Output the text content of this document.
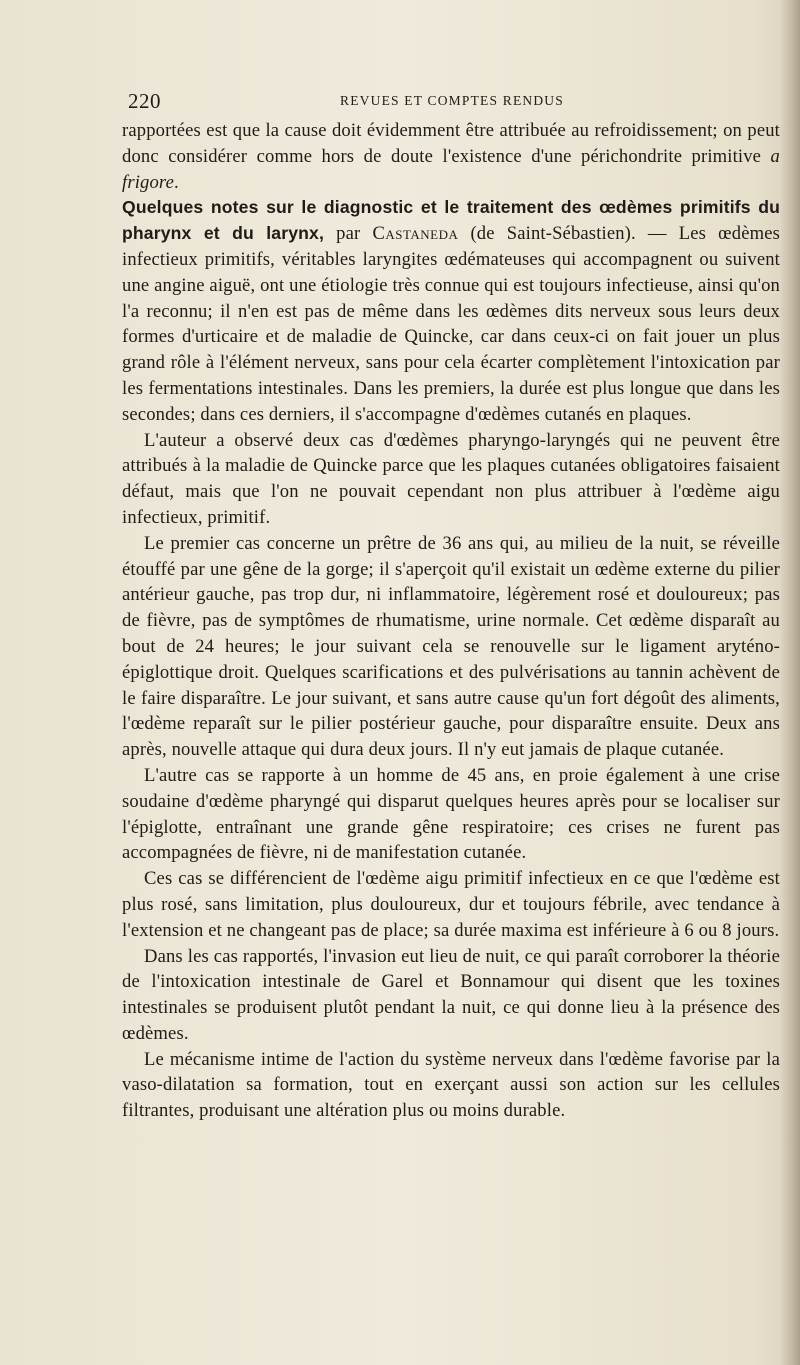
220	REVUES ET COMPTES RENDUS

rapportées est que la cause doit évidemment être attribuée au refroidissement; on peut donc considérer comme hors de doute l'existence d'une périchondrite primitive a frigore.

Quelques notes sur le diagnostic et le traitement des œdèmes primitifs du pharynx et du larynx, par Castaneda (de Saint-Sébastien). — Les œdèmes infectieux primitifs, véritables laryngites œdémateuses qui accompagnent ou suivent une angine aiguë, ont une étiologie très connue qui est toujours infectieuse, ainsi qu'on l'a reconnu; il n'en est pas de même dans les œdèmes dits nerveux sous leurs deux formes d'urticaire et de maladie de Quincke, car dans ceux-ci on fait jouer un plus grand rôle à l'élément nerveux, sans pour cela écarter complètement l'intoxication par les fermentations intestinales. Dans les premiers, la durée est plus longue que dans les secondes; dans ces derniers, il s'accompagne d'œdèmes cutanés en plaques.

L'auteur a observé deux cas d'œdèmes pharyngo-laryngés qui ne peuvent être attribués à la maladie de Quincke parce que les plaques cutanées obligatoires faisaient défaut, mais que l'on ne pouvait cependant non plus attribuer à l'œdème aigu infectieux, primitif.

Le premier cas concerne un prêtre de 36 ans qui, au milieu de la nuit, se réveille étouffé par une gêne de la gorge; il s'aperçoit qu'il existait un œdème externe du pilier antérieur gauche, pas trop dur, ni inflammatoire, légèrement rosé et douloureux; pas de fièvre, pas de symptômes de rhumatisme, urine normale. Cet œdème disparaît au bout de 24 heures; le jour suivant cela se renouvelle sur le ligament aryténo-épiglottique droit. Quelques scarifications et des pulvérisations au tannin achèvent de le faire disparaître. Le jour suivant, et sans autre cause qu'un fort dégoût des aliments, l'œdème reparaît sur le pilier postérieur gauche, pour disparaître ensuite. Deux ans après, nouvelle attaque qui dura deux jours. Il n'y eut jamais de plaque cutanée.

L'autre cas se rapporte à un homme de 45 ans, en proie également à une crise soudaine d'œdème pharyngé qui disparut quelques heures après pour se localiser sur l'épiglotte, entraînant une grande gêne respiratoire; ces crises ne furent pas accompagnées de fièvre, ni de manifestation cutanée.

Ces cas se différencient de l'œdème aigu primitif infectieux en ce que l'œdème est plus rosé, sans limitation, plus douloureux, dur et toujours fébrile, avec tendance à l'extension et ne changeant pas de place; sa durée maxima est inférieure à 6 ou 8 jours.

Dans les cas rapportés, l'invasion eut lieu de nuit, ce qui paraît corroborer la théorie de l'intoxication intestinale de Garel et Bonnamour qui disent que les toxines intestinales se produisent plutôt pendant la nuit, ce qui donne lieu à la présence des œdèmes.

Le mécanisme intime de l'action du système nerveux dans l'œdème favorise par la vaso-dilatation sa formation, tout en exerçant aussi son action sur les cellules filtrantes, produisant une altération plus ou moins durable.
